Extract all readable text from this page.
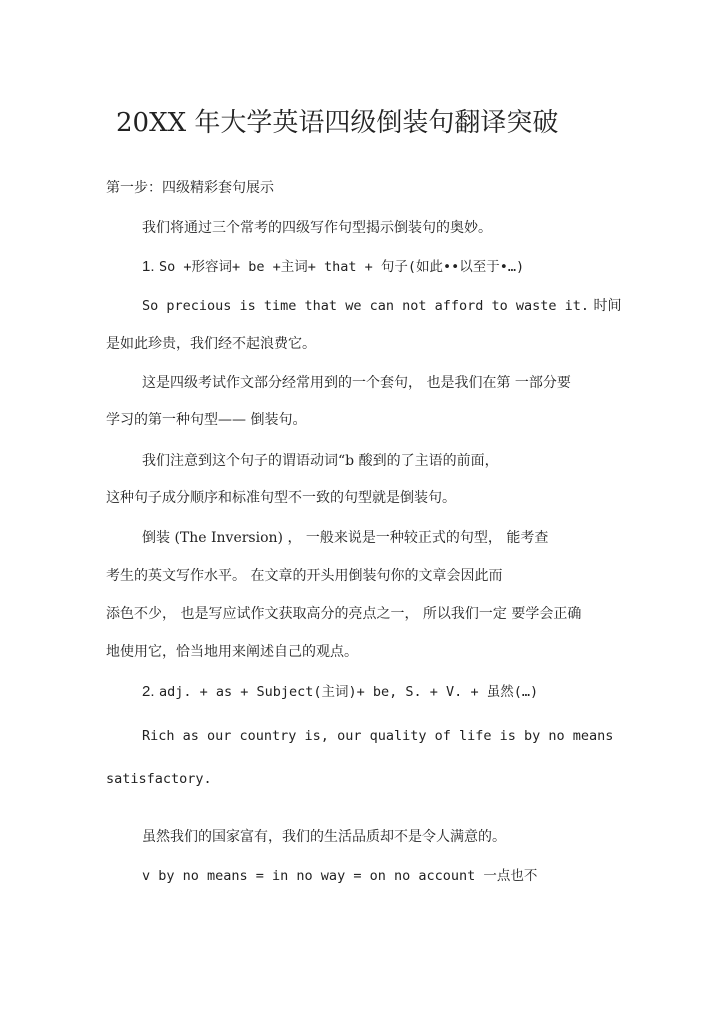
20XX 年大学英语四级倒装句翻译突破
第一步：四级精彩套句展示
我们将通过三个常考的四级写作句型揭示倒装句的奥妙。
1. So +形容词+ be +主词+ that + 句子(如此••以至于•…)
So precious is time that we can not afford to waste it. 时间
是如此珍贵，我们经不起浪费它。
这是四级考试作文部分经常用到的一个套句， 也是我们在第 一部分要
学习的第一种句型—— 倒装句。
我们注意到这个句子的谓语动词“b 酸到的了主语的前面，
这种句子成分顺序和标准句型不一致的句型就是倒装句。
倒装 (The Inversion) ， 一般来说是一种较正式的句型， 能考查
考生的英文写作水平。 在文章的开头用倒装句你的文章会因此而
添色不少， 也是写应试作文获取高分的亮点之一， 所以我们一定 要学会正确
地使用它，恰当地用来阐述自己的观点。
2. adj. + as + Subject(主词)+ be, S. + V. + 虽然(…)
Rich as our country is, our quality of life is by no means
satisfactory.
虽然我们的国家富有，我们的生活品质却不是令人满意的。
v by no means = in no way = on no account 一点也不
